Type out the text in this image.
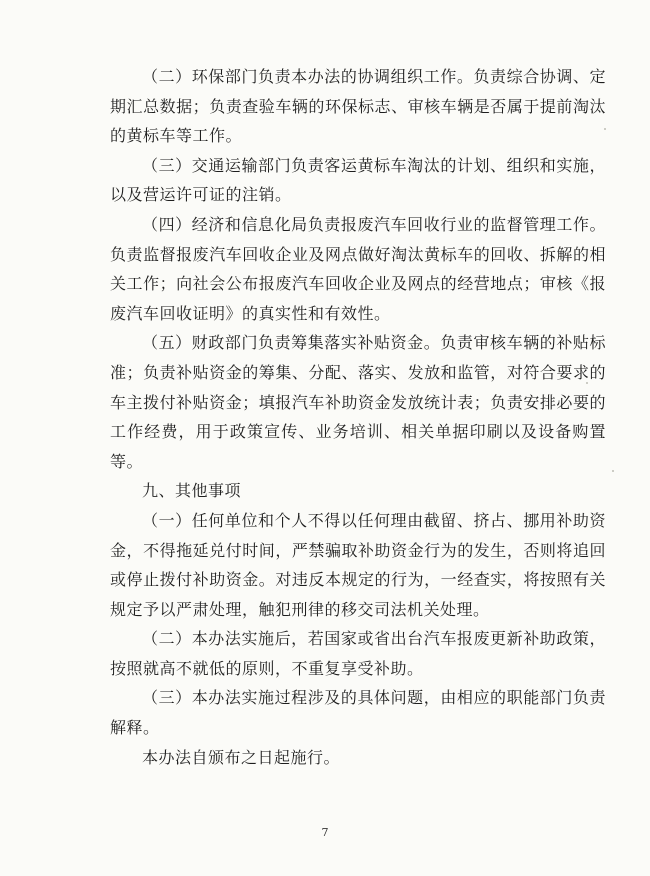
（二）环保部门负责本办法的协调组织工作。负责综合协调、定期汇总数据；负责查验车辆的环保标志、审核车辆是否属于提前淘汰的黄标车等工作。

（三）交通运输部门负责客运黄标车淘汰的计划、组织和实施，以及营运许可证的注销。

（四）经济和信息化局负责报废汽车回收行业的监督管理工作。负责监督报废汽车回收企业及网点做好淘汰黄标车的回收、拆解的相关工作；向社会公布报废汽车回收企业及网点的经营地点；审核《报废汽车回收证明》的真实性和有效性。

（五）财政部门负责筹集落实补贴资金。负责审核车辆的补贴标准；负责补贴资金的筹集、分配、落实、发放和监管，对符合要求的车主拨付补贴资金；填报汽车补助资金发放统计表；负责安排必要的工作经费，用于政策宣传、业务培训、相关单据印刷以及设备购置等。

九、其他事项

（一）任何单位和个人不得以任何理由截留、挤占、挪用补助资金，不得拖延兑付时间，严禁骗取补助资金行为的发生，否则将追回或停止拨付补助资金。对违反本规定的行为，一经查实，将按照有关规定予以严肃处理，触犯刑律的移交司法机关处理。

（二）本办法实施后，若国家或省出台汽车报废更新补助政策，按照就高不就低的原则，不重复享受补助。

（三）本办法实施过程涉及的具体问题，由相应的职能部门负责解释。

本办法自颁布之日起施行。

7
